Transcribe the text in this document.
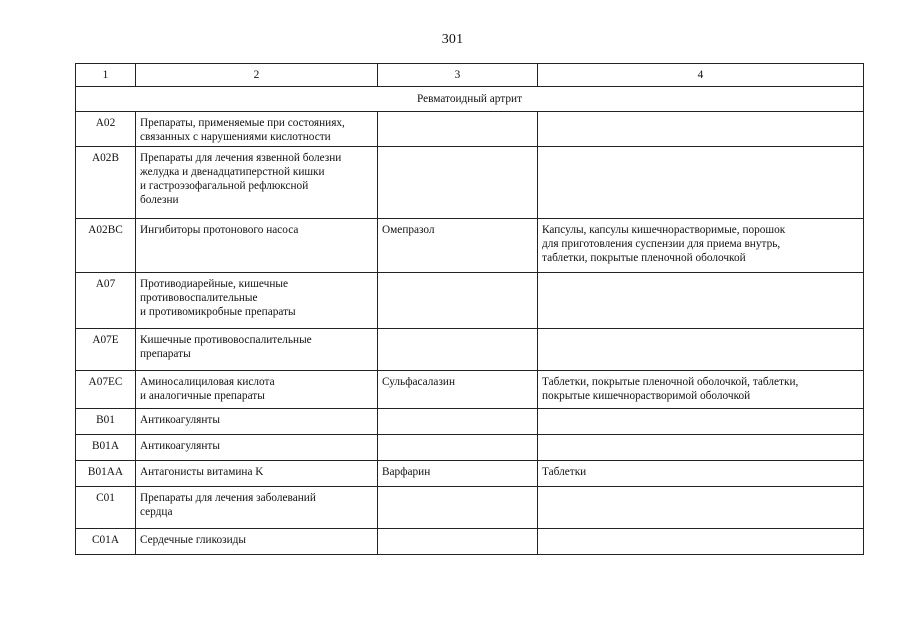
301
1	2	3	4
Ревматоидный артрит			
A02	Препараты, применяемые при состояниях,
связанных с нарушениями кислотности		

A02B	Препараты для лечения язвенной болезни
желудка и двенадцатиперстной кишки
и гастроэзофагальной рефлюксной
болезни		

A02BC	Ингибиторы протонового насоса	Омепразол	Капсулы, капсулы кишечнорастворимые, порошок
для приготовления суспензии для приема внутрь,
таблетки, покрытые пленочной оболочкой

A07	Противодиарейные, кишечные
противовоспалительные
и противомикробные препараты		

A07E	Кишечные противовоспалительные
препараты		

A07EC	Аминосалициловая кислота
и аналогичные препараты	Сульфасалазин	Таблетки, покрытые пленочной оболочкой, таблетки,
покрытые кишечнорастворимой оболочкой

B01	Антикоагулянты		

B01A	Антикоагулянты		

B01AA	Антагонисты витамина K	Варфарин	Таблетки

C01	Препараты для лечения заболеваний
сердца		

C01A	Сердечные гликозиды		
